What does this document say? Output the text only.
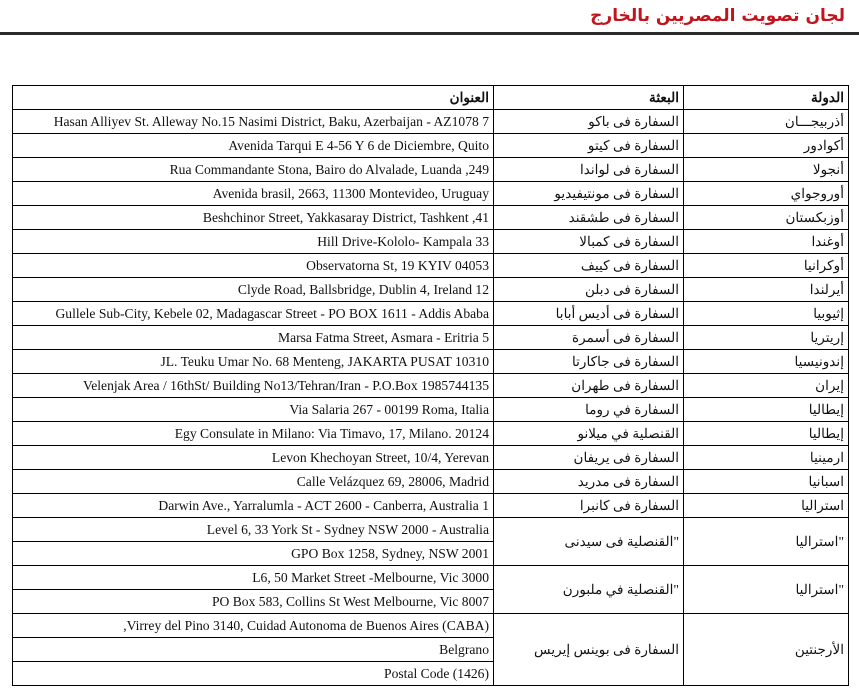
لجان تصويت المصريين بالخارج
العنوان	البعثة	الدولة
Hasan Alliyev St. Alleway No.15 Nasimi District, Baku, Azerbaijan - AZ1078 7	السفارة فى باكو	أذربيجـــان
Avenida Tarqui E 4-56 Y 6 de Diciembre, Quito	السفارة فى كيتو	أكوادور
Rua Commandante Stona, Bairo do Alvalade, Luanda ,249	السفارة فى لواندا	أنجولا
Avenida brasil, 2663, 11300 Montevideo, Uruguay	السفارة فى مونتيفيديو	أوروجواي
Beshchinor Street, Yakkasaray District, Tashkent ,41	السفارة فى طشقند	أوزبكستان
Hill Drive-Kololo- Kampala 33	السفارة فى كمبالا	أوغندا
Observatorna St, 19 KYIV 04053	السفارة فى كييف	أوكرانيا
Clyde Road, Ballsbridge, Dublin 4, Ireland 12	السفارة فى دبلن	أيرلندا
Gullele Sub-City, Kebele 02, Madagascar Street - PO BOX 1611 - Addis Ababa	السفارة فى أديس أبابا	إثيوبيا
Marsa Fatma Street, Asmara - Eritria 5	السفارة فى أسمرة	إريتريا
JL. Teuku Umar No. 68 Menteng, JAKARTA PUSAT 10310	السفارة فى جاكارتا	إندونيسيا
Velenjak Area / 16thSt/ Building No13/Tehran/Iran - P.O.Box 1985744135	السفارة فى طهران	إيران
Via Salaria 267 - 00199 Roma, Italia	السفارة في روما	إيطاليا
Egy Consulate in Milano: Via Timavo, 17, Milano. 20124	القنصلية في ميلانو	إيطاليا
Levon Khechoyan Street, 10/4, Yerevan	السفارة فى يريفان	ارمينيا
Calle Velázquez 69, 28006, Madrid	السفارة فى مدريد	اسبانيا
Darwin Ave., Yarralumla - ACT 2600 - Canberra, Australia 1	السفارة فى كانبرا	استراليا
Level 6, 33 York St - Sydney NSW 2000 - Australia	"القنصلية فى سيدنى	"استراليا
GPO Box 1258, Sydney, NSW 2001		
L6, 50 Market Street -Melbourne, Vic 3000	"القنصلية في ملبورن	"استراليا
PO Box 583, Collins St West Melbourne, Vic 8007		
,Virrey del Pino 3140, Cuidad Autonoma de Buenos Aires (CABA)	السفارة فى بوينس إيريس	الأرجنتين
Belgrano		
Postal Code (1426)		
